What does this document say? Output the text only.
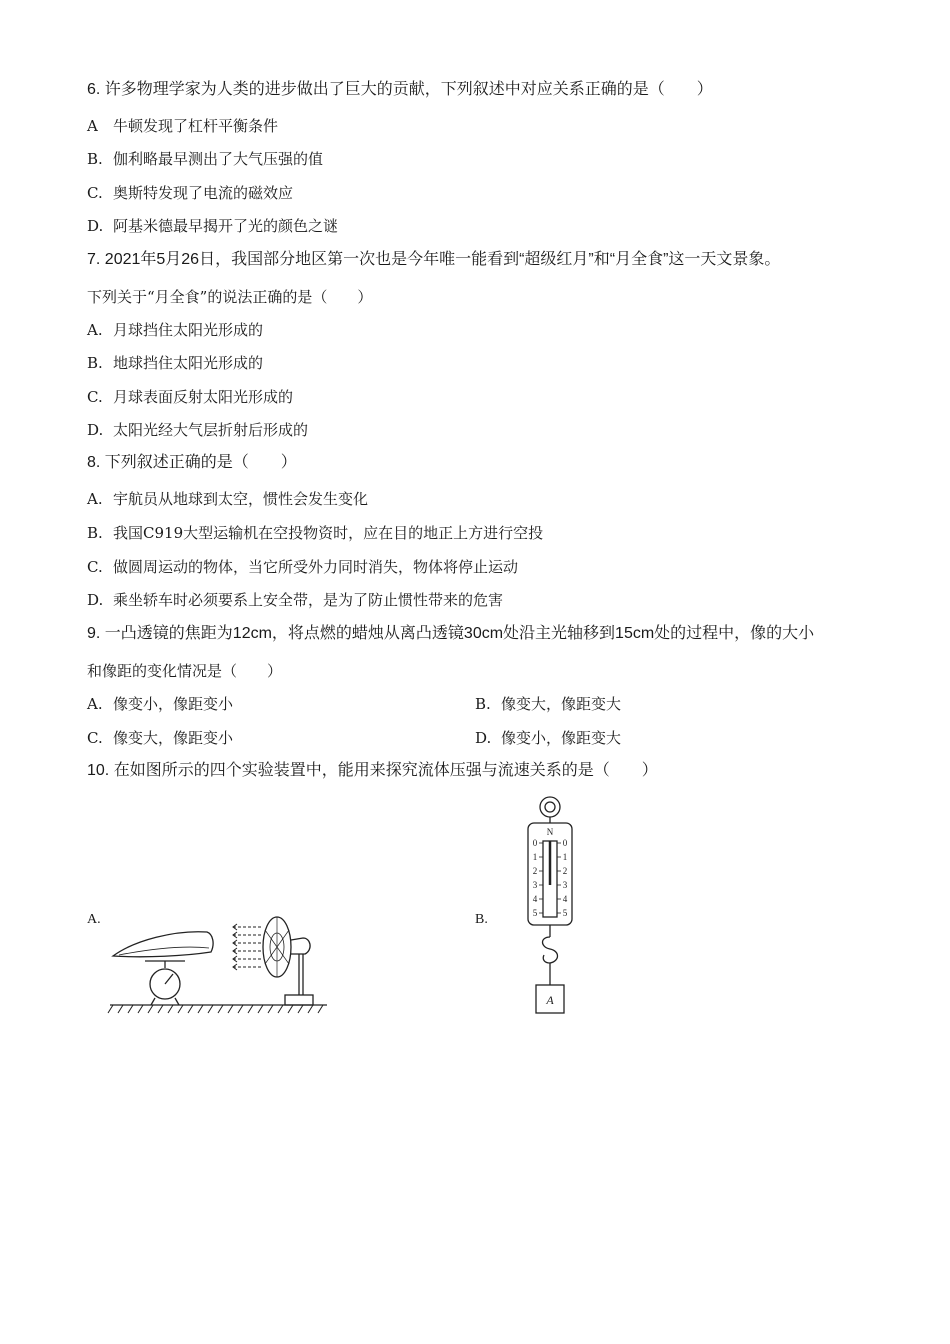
6. 许多物理学家为人类的进步做出了巨大的贡献，下列叙述中对应关系正确的是（　　）
A 牛顿发现了杠杆平衡条件
B. 伽利略最早测出了大气压强的值
C. 奥斯特发现了电流的磁效应
D. 阿基米德最早揭开了光的颜色之谜
7. 2021年5月26日，我国部分地区第一次也是今年唯一能看到“超级红月”和“月全食”这一天文景象。
下列关于“月全食”的说法正确的是（　　）
A. 月球挡住太阳光形成的
B. 地球挡住太阳光形成的
C. 月球表面反射太阳光形成的
D. 太阳光经大气层折射后形成的
8. 下列叙述正确的是（　　）
A. 宇航员从地球到太空，惯性会发生变化
B. 我国C919大型运输机在空投物资时，应在目的地正上方进行空投
C. 做圆周运动的物体，当它所受外力同时消失，物体将停止运动
D. 乘坐轿车时必须要系上安全带，是为了防止惯性带来的危害
9. 一凸透镜的焦距为12cm，将点燃的蜡烛从离凸透镜30cm处沿主光轴移到15cm处的过程中，像的大小
和像距的变化情况是（　　）
A. 像变小，像距变小	B. 像变大，像距变大
C. 像变大，像距变小	D. 像变小，像距变大
10. 在如图所示的四个实验装置中，能用来探究流体压强与流速关系的是（　　）
A.	B.
N
0	0
1	1
2	2
3	3
4	4
5	5
A
